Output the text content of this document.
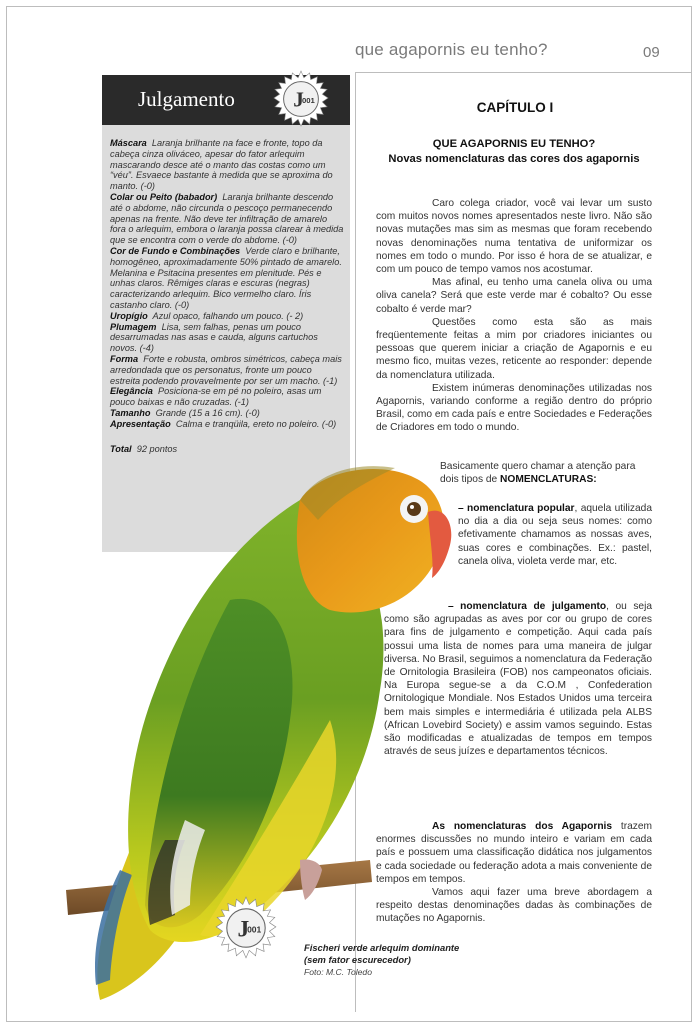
que agapornis eu tenho?	09
Julgamento	J
001

Máscara Laranja brilhante na face e fronte, topo da cabeça cinza oliváceo, apesar do fator arlequim mascarando desce até o manto das costas como um “véu”. Esvaece bastante à medida que se aproxima do manto. (-0)

Colar ou Peito (babador) Laranja brilhante descendo até o abdome, não circunda o pescoço permanecendo apenas na frente. Não deve ter infiltração de amarelo fora o arlequim, embora o laranja possa clarear à medida que se encontra com o verde do abdome. (-0)

Cor de Fundo e Combinações Verde claro e brilhante, homogêneo, aproximadamente 50% pintado de amarelo. Melanina e Psitacina presentes em plenitude. Pés e unhas claros. Rêmiges claras e escuras (negras) caracterizando arlequim. Bico vermelho claro. Íris castanho claro. (-0)

Uropígio Azul opaco, falhando um pouco. (- 2)

Plumagem Lisa, sem falhas, penas um pouco desarrumadas nas asas e cauda, alguns cartuchos novos. (-4)

Forma Forte e robusta, ombros simétricos, cabeça mais arredondada que os personatus, fronte um pouco estreita podendo provavelmente por ser um macho. (-1)

Elegância Posiciona-se em pé no poleiro, asas um pouco baixas e não cruzadas. (-1)

Tamanho Grande (15 a 16 cm). (-0)

Apresentação Calma e tranqüila, ereto no poleiro. (-0)

Total 92 pontos

CAPÍTULO I
QUE AGAPORNIS EU TENHO?
Novas nomenclaturas das cores dos agapornis

Caro colega criador, você vai levar um susto com muitos novos nomes apresentados neste livro. Não são novas mutações mas sim as mesmas que foram recebendo novas denominações numa tentativa de uniformizar os nomes em todo o mundo. Por isso é hora de se atualizar, e com um pouco de tempo vamos nos acostumar.

Mas afinal, eu tenho uma canela oliva ou uma oliva canela? Será que este verde mar é cobalto? Ou esse cobalto é verde mar?

Questões como esta são as mais freqüentemente feitas a mim por criadores iniciantes ou pessoas que querem iniciar a criação de Agapornis e eu mesmo fico, muitas vezes, reticente ao responder: depende da nomenclatura utilizada.

Existem inúmeras denominações utilizadas nos Agapornis, variando conforme a região dentro do próprio Brasil, como em cada país e entre Sociedades e Federações de Criadores em todo o mundo.

Basicamente quero chamar a atenção para dois tipos de NOMENCLATURAS:
– nomenclatura popular, aquela utilizada no dia a dia ou seja seus nomes: como efetivamente chamamos as nossas aves, suas cores e combinações. Ex.: pastel, canela oliva, violeta verde mar, etc.

– nomenclatura de julgamento, ou seja como são agrupadas as aves por cor ou grupo de cores para fins de julgamento e competição. Aqui cada país possui uma lista de nomes para uma maneira de julgar diversa. No Brasil, seguimos a nomenclatura da Federação de Ornitologia Brasileira (FOB) nos campeonatos oficiais. Na Europa segue-se a da C.O.M , Confederation Ornitologique Mondiale. Nos Estados Unidos uma terceira bem mais simples e intermediária é utilizada pela ALBS (African Lovebird Society) e assim vamos seguindo. Estas são modificadas e atualizadas de tempos em tempos através de seus juízes e departamentos técnicos.

As nomenclaturas dos Agapornis trazem enormes discussões no mundo inteiro e variam em cada país e possuem uma classificação didática nos julgamentos e cada sociedade ou federação adota a mais conveniente de tempos em tempos.

Vamos aqui fazer uma breve abordagem a respeito destas denominações dadas às combinações de mutações no Agapornis.

J
001
Fischeri verde arlequim dominante
(sem fator escurecedor)
Foto: M.C. Toledo
